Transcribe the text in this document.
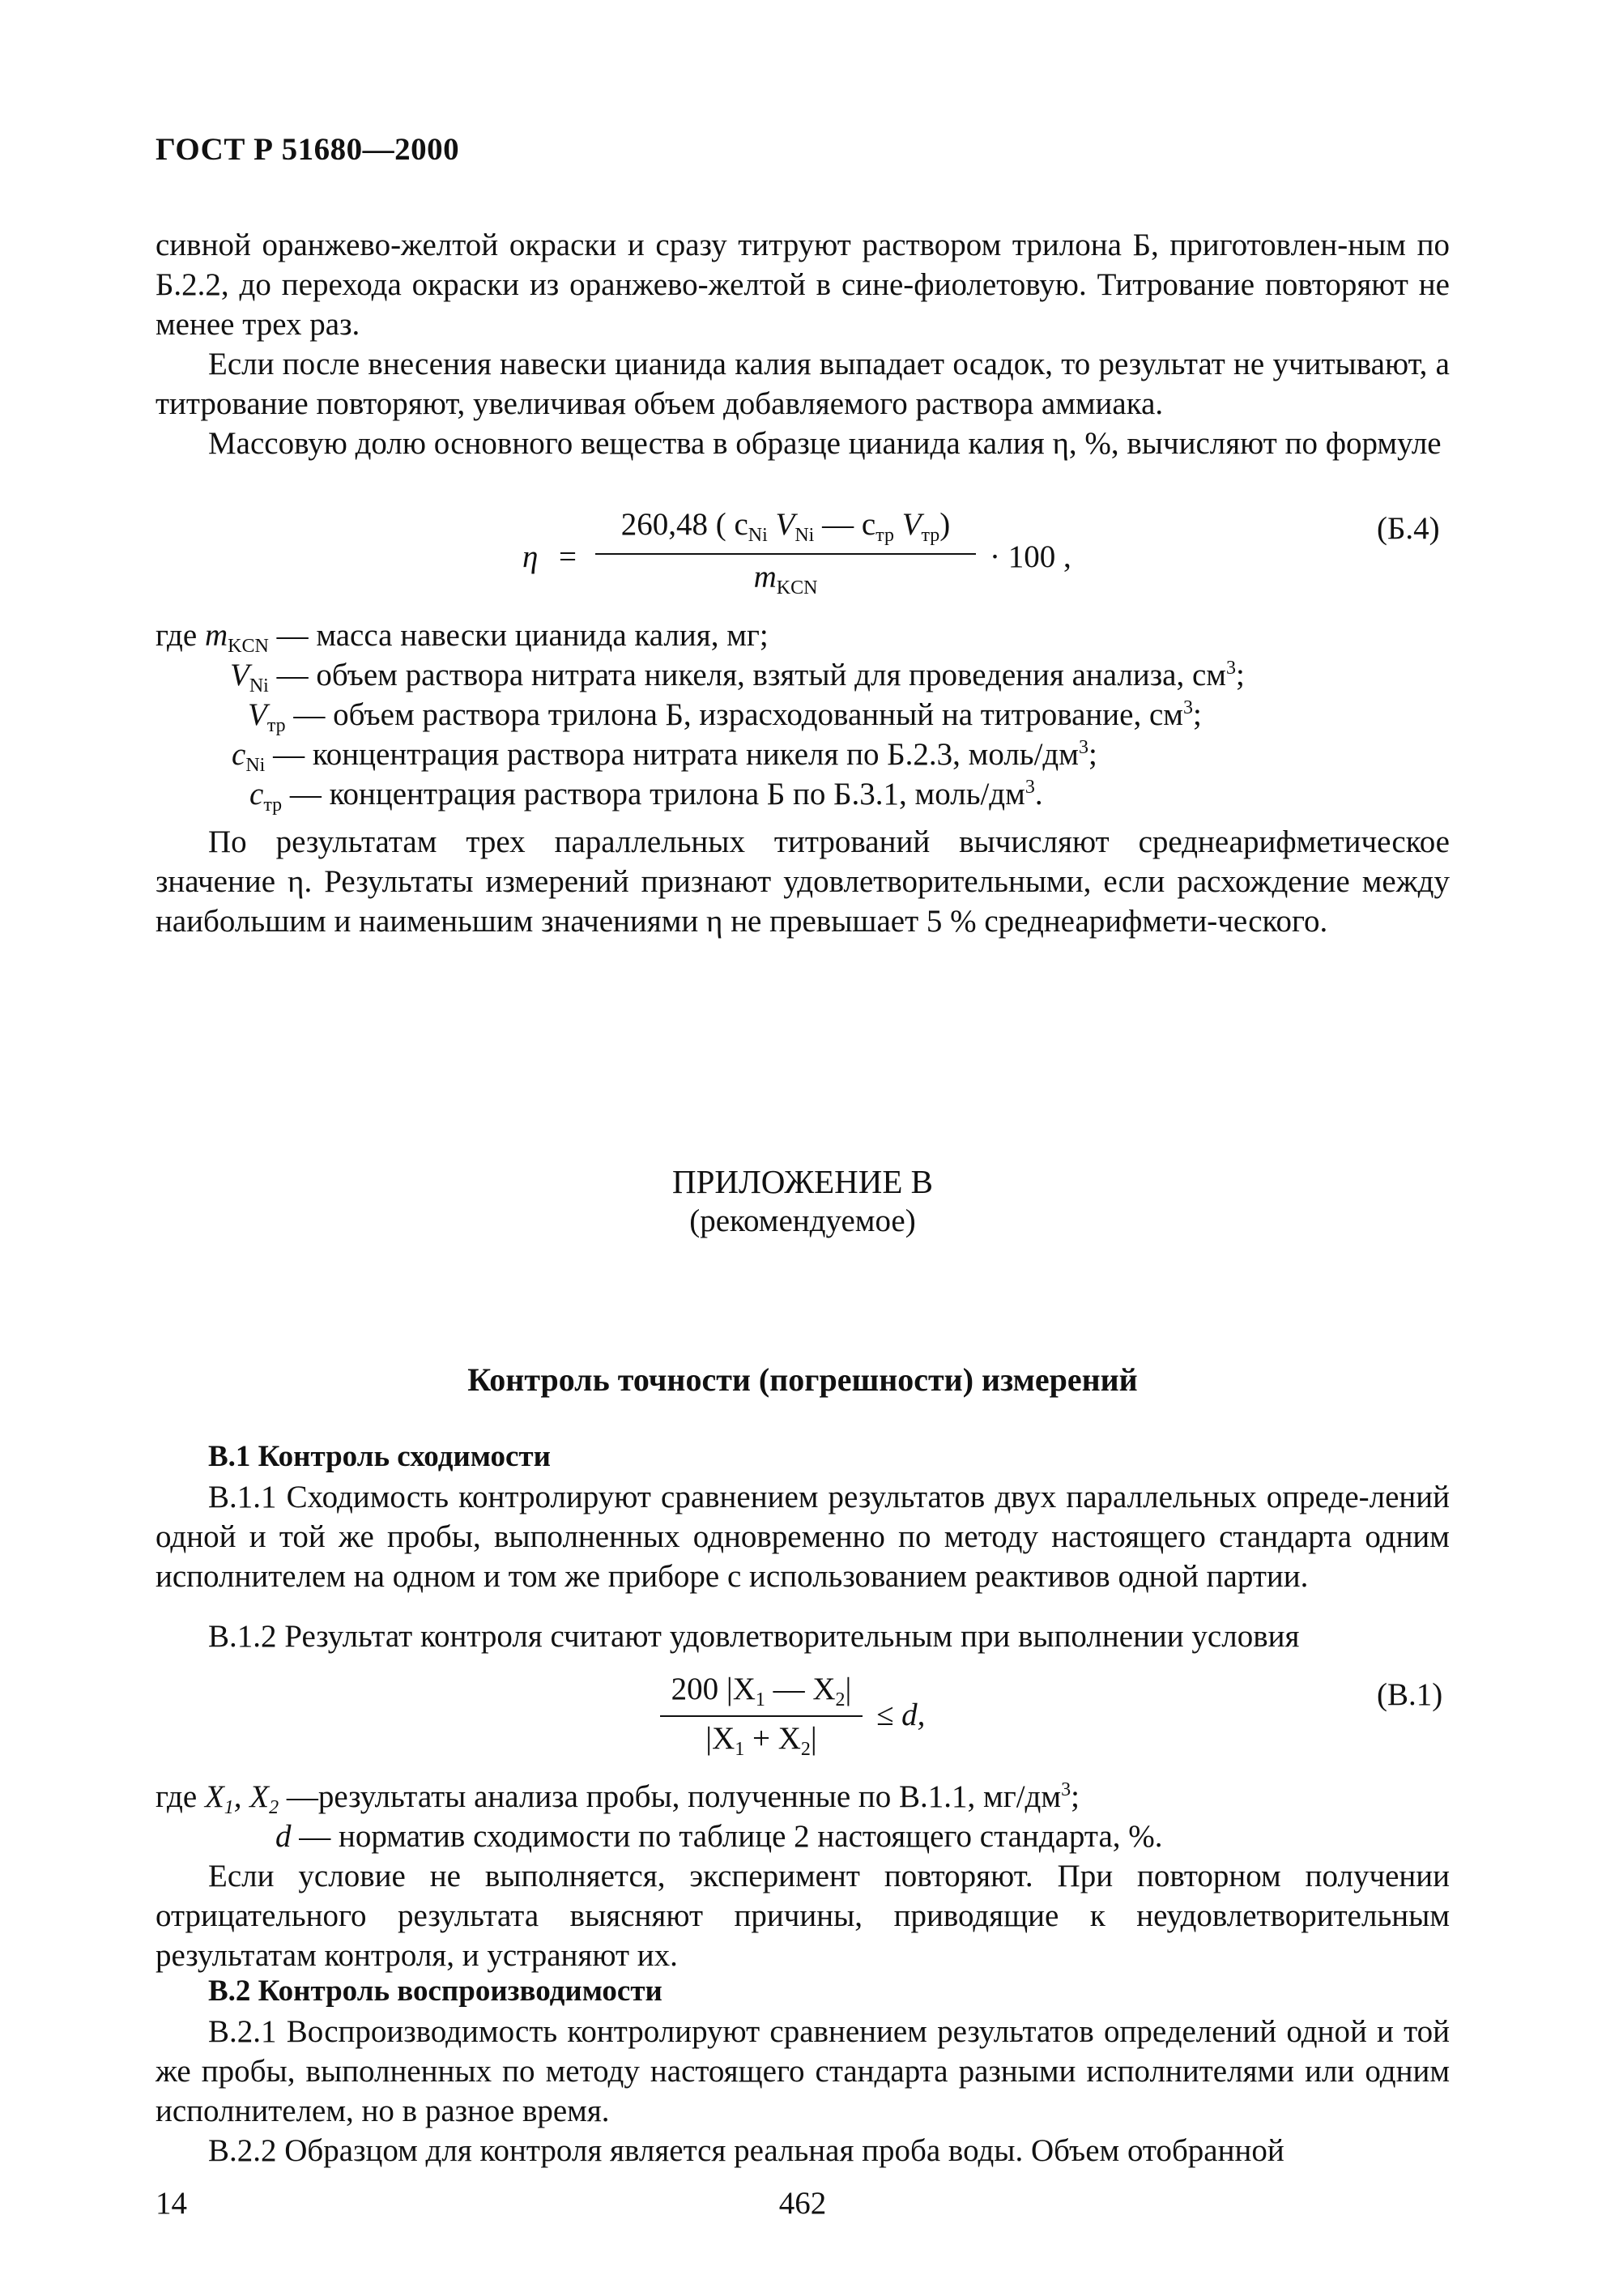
ГОСТ Р 51680—2000
сивной оранжево-желтой окраски и сразу титруют раствором трилона Б, приготовлен-ным по Б.2.2, до перехода окраски из оранжево-желтой в сине-фиолетовую. Титрование повторяют не менее трех раз.
Если после внесения навески цианида калия выпадает осадок, то результат не учитывают, а титрование повторяют, увеличивая объем добавляемого раствора аммиака.
Массовую долю основного вещества в образце цианида калия η, %, вычисляют по формуле
η =
260,48 ( $c_{Ni}$ $V_{Ni}$ — $c_{тр}$ $V_{тр}$)
$m_{KCN}$
· 100 ,
(Б.4)
где $m_{KCN}$ — масса навески цианида калия, мг;
$V_{Ni}$ — объем раствора нитрата никеля, взятый для проведения анализа, $см^3$;
$V_{тр}$ — объем раствора трилона Б, израсходованный на титрование, $см^3$;
$c_{Ni}$ — концентрация раствора нитрата никеля по Б.2.3, моль/$дм^3$;
$c_{тр}$ — концентрация раствора трилона Б по Б.3.1, моль/$дм^3$.
По результатам трех параллельных титрований вычисляют среднеарифметическое значение η. Результаты измерений признают удовлетворительными, если расхождение между наибольшим и наименьшим значениями η не превышает 5 % среднеарифмети-ческого.
ПРИЛОЖЕНИЕ В
(рекомендуемое)
Контроль точности (погрешности) измерений
В.1 Контроль сходимости
В.1.1 Сходимость контролируют сравнением результатов двух параллельных опреде-лений одной и той же пробы, выполненных одновременно по методу настоящего стандарта одним исполнителем на одном и том же приборе с использованием реактивов одной партии.
В.1.2 Результат контроля считают удовлетворительным при выполнении условия
200 $|X_1$ — $X_2|$
$|X_1 + X_2|$
≤ d,
(В.1)
где $X_1$, $X_2$ —результаты анализа пробы, полученные по В.1.1, $мг/дм^3$;
d — норматив сходимости по таблице 2 настоящего стандарта, %.
Если условие не выполняется, эксперимент повторяют. При повторном получении отрицательного результата выясняют причины, приводящие к неудовлетворительным результатам контроля, и устраняют их.
В.2 Контроль воспроизводимости
В.2.1 Воспроизводимость контролируют сравнением результатов определений одной и той же пробы, выполненных по методу настоящего стандарта разными исполнителями или одним исполнителем, но в разное время.
В.2.2 Образцом для контроля является реальная проба воды. Объем отобранной
14	462
